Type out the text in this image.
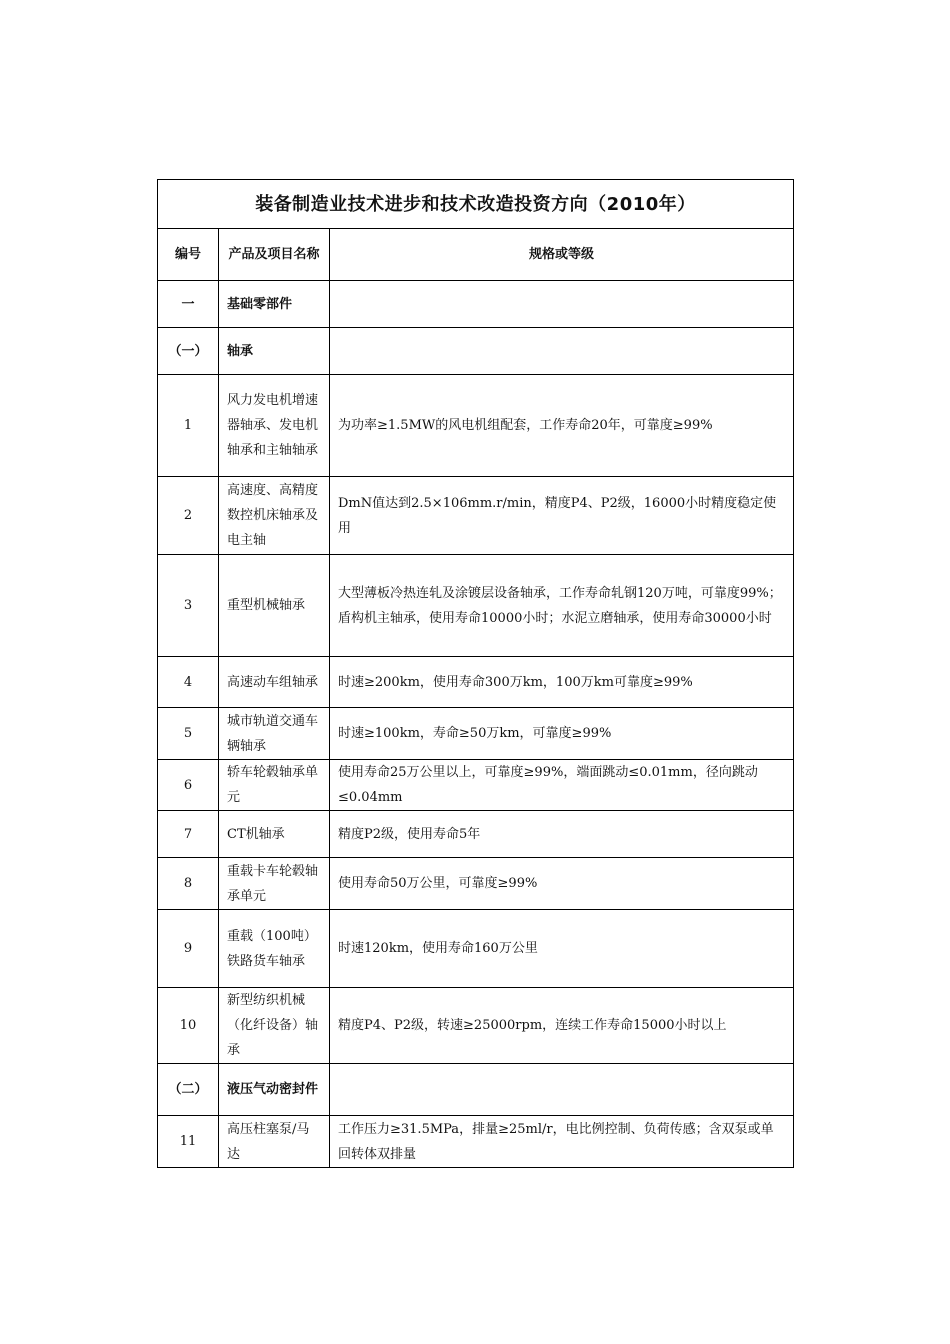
装备制造业技术进步和技术改造投资方向（2010年）		
编号	产品及项目名称	规格或等级
一	基础零部件	
（一）	轴承	
1	风力发电机增速器轴承、发电机轴承和主轴轴承	为功率≥1.5MW的风电机组配套，工作寿命20年，可靠度≥99%
2	高速度、高精度数控机床轴承及电主轴	DmN值达到2.5×106mm.r/min，精度P4、P2级，16000小时精度稳定使用
3	重型机械轴承	大型薄板冷热连轧及涂镀层设备轴承，工作寿命轧钢120万吨，可靠度99%；
盾构机主轴承，使用寿命10000小时；水泥立磨轴承，使用寿命30000小时
4	高速动车组轴承	时速≥200km，使用寿命300万km，100万km可靠度≥99%
5	城市轨道交通车辆轴承	时速≥100km，寿命≥50万km，可靠度≥99%
6	轿车轮毂轴承单元	使用寿命25万公里以上，可靠度≥99%，端面跳动≤0.01mm，径向跳动≤0.04mm
7	CT机轴承	精度P2级，使用寿命5年
8	重载卡车轮毂轴承单元	使用寿命50万公里，可靠度≥99%
9	重载（100吨）铁路货车轴承	时速120km，使用寿命160万公里
10	新型纺织机械（化纤设备）轴承	精度P4、P2级，转速≥25000rpm，连续工作寿命15000小时以上
（二）	液压气动密封件	
11	高压柱塞泵/马达	工作压力≥31.5MPa，排量≥25ml/r，电比例控制、负荷传感；含双泵或单回转体双排量
